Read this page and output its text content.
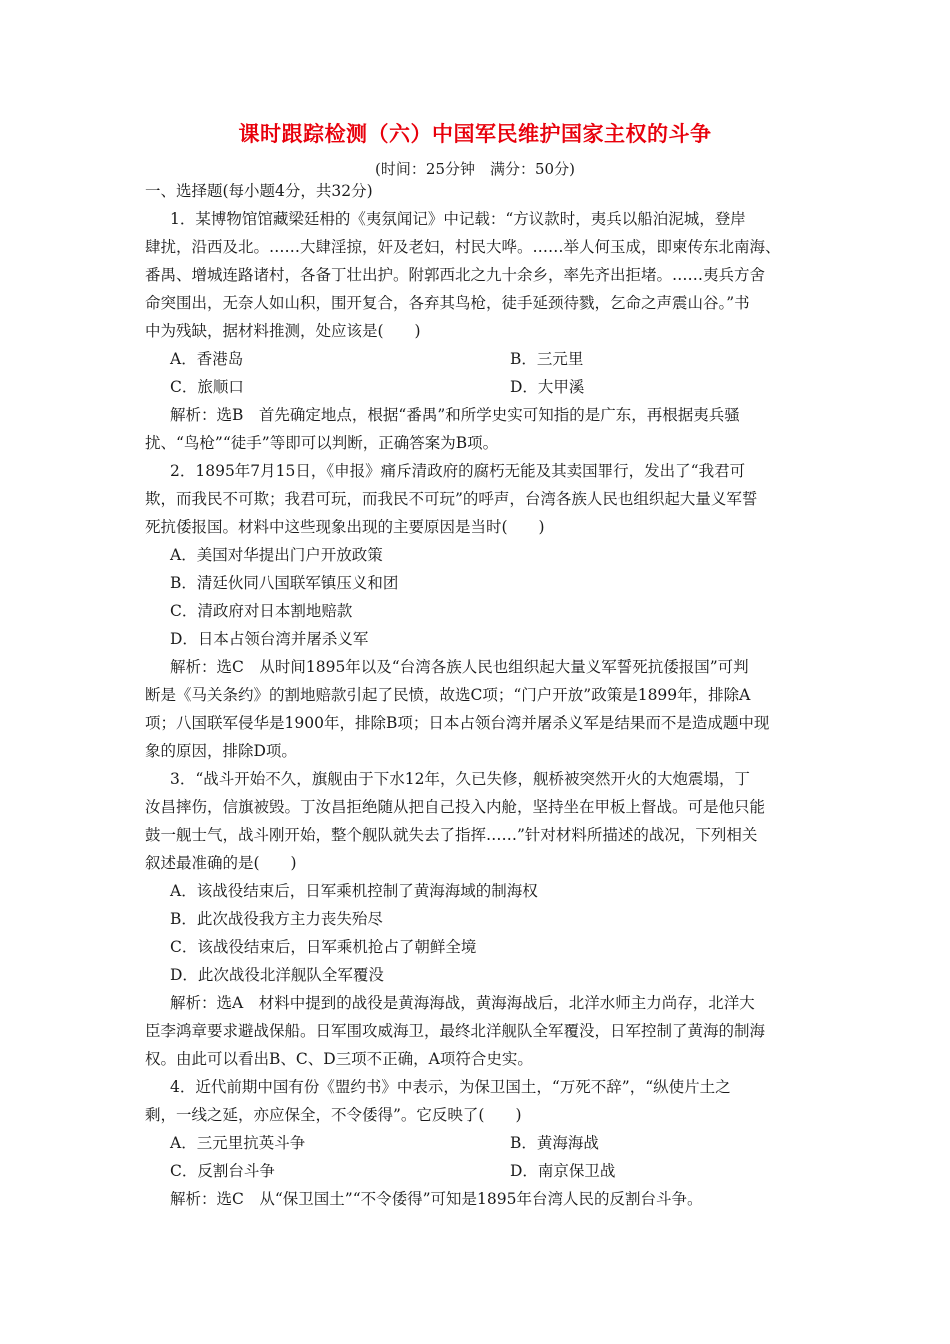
课时跟踪检测（六）中国军民维护国家主权的斗争
(时间：25分钟　满分：50分)
一、选择题(每小题4分，共32分)
1．某博物馆馆藏梁廷枏的《夷氛闻记》中记载：“方议款时，夷兵以船泊泥城，登岸
肆扰，沿西及北。……大肆淫掠，奸及老妇，村民大哗。……举人何玉成，即柬传东北南海、
番禺、增城连路诸村，各备丁壮出护。附郭西北之九十余乡，率先齐出拒堵。……夷兵方舍
命突围出，无奈人如山积，围开复合，各弃其鸟枪，徒手延颈待戮，乞命之声震山谷。”书
中为残缺，据材料推测，处应该是(　　)
A．香港岛	B．三元里
C．旅顺口	D．大甲溪
解析：选B　首先确定地点，根据“番禺”和所学史实可知指的是广东，再根据夷兵骚
扰、“鸟枪”“徒手”等即可以判断，正确答案为B项。
2．1895年7月15日，《申报》痛斥清政府的腐朽无能及其卖国罪行，发出了“我君可
欺，而我民不可欺；我君可玩，而我民不可玩”的呼声，台湾各族人民也组织起大量义军誓
死抗倭报国。材料中这些现象出现的主要原因是当时(　　)
A．美国对华提出门户开放政策
B．清廷伙同八国联军镇压义和团
C．清政府对日本割地赔款
D．日本占领台湾并屠杀义军
解析：选C　从时间1895年以及“台湾各族人民也组织起大量义军誓死抗倭报国”可判
断是《马关条约》的割地赔款引起了民愤，故选C项；“门户开放”政策是1899年，排除A
项；八国联军侵华是1900年，排除B项；日本占领台湾并屠杀义军是结果而不是造成题中现
象的原因，排除D项。
3．“战斗开始不久，旗舰由于下水12年，久已失修，舰桥被突然开火的大炮震塌，丁
汝昌摔伤，信旗被毁。丁汝昌拒绝随从把自己投入内舱，坚持坐在甲板上督战。可是他只能
鼓一舰士气，战斗刚开始，整个舰队就失去了指挥……”针对材料所描述的战况，下列相关
叙述最准确的是(　　)
A．该战役结束后，日军乘机控制了黄海海域的制海权
B．此次战役我方主力丧失殆尽
C．该战役结束后，日军乘机抢占了朝鲜全境
D．此次战役北洋舰队全军覆没
解析：选A　材料中提到的战役是黄海海战，黄海海战后，北洋水师主力尚存，北洋大
臣李鸿章要求避战保船。日军围攻威海卫，最终北洋舰队全军覆没，日军控制了黄海的制海
权。由此可以看出B、C、D三项不正确，A项符合史实。
4．近代前期中国有份《盟约书》中表示，为保卫国土，“万死不辞”，“纵使片土之
剩，一线之延，亦应保全，不令倭得”。它反映了(　　)
A．三元里抗英斗争	B．黄海海战
C．反割台斗争	D．南京保卫战
解析：选C　从“保卫国土”“不令倭得”可知是1895年台湾人民的反割台斗争。
